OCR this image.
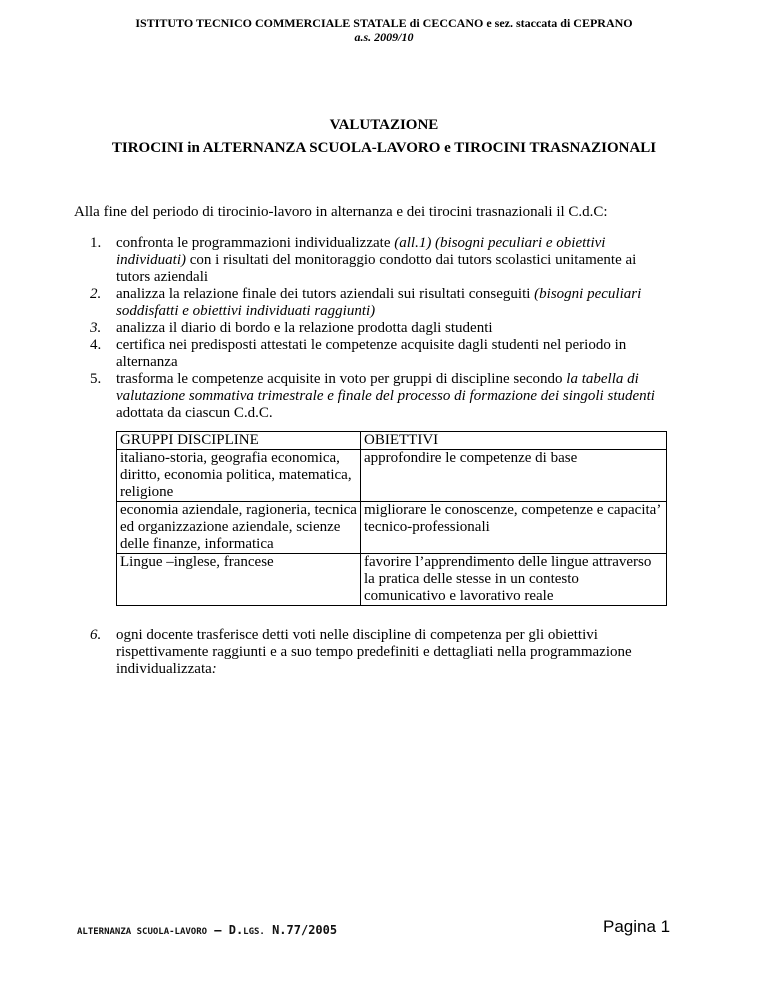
ISTITUTO TECNICO COMMERCIALE STATALE di CECCANO e sez. staccata di CEPRANO
a.s. 2009/10
VALUTAZIONE
TIROCINI in ALTERNANZA SCUOLA-LAVORO e TIROCINI TRASNAZIONALI
Alla fine del periodo di tirocinio-lavoro in alternanza e dei tirocini trasnazionali il C.d.C:
1. confronta le programmazioni individualizzate (all.1) (bisogni peculiari e obiettivi individuati) con i risultati del monitoraggio condotto dai tutors scolastici unitamente ai tutors aziendali
2. analizza la relazione finale dei tutors aziendali sui risultati conseguiti (bisogni peculiari soddisfatti e obiettivi individuati raggiunti)
3. analizza il diario di bordo e la relazione prodotta dagli studenti
4. certifica nei predisposti attestati le competenze acquisite dagli studenti nel periodo in alternanza
5. trasforma le competenze acquisite in voto per gruppi di discipline secondo la tabella di valutazione sommativa trimestrale e finale del processo di formazione dei singoli studenti adottata da ciascun C.d.C.
GRUPPI DISCIPLINE	OBIETTIVI
italiano-storia, geografia economica, diritto, economia politica, matematica, religione	approfondire le competenze di base
economia aziendale, ragioneria, tecnica ed organizzazione aziendale, scienze delle finanze, informatica	migliorare le conoscenze, competenze e capacita’ tecnico-professionali
Lingue –inglese, francese	favorire l’apprendimento delle lingue attraverso la pratica delle stesse in un contesto comunicativo e lavorativo reale
6. ogni docente trasferisce detti voti nelle discipline di competenza per gli obiettivi rispettivamente raggiunti e a suo tempo predefiniti e dettagliati nella programmazione individualizzata:
ALTERNANZA SCUOLA-LAVORO – D.LGS. N.77/2005	Pagina 1
